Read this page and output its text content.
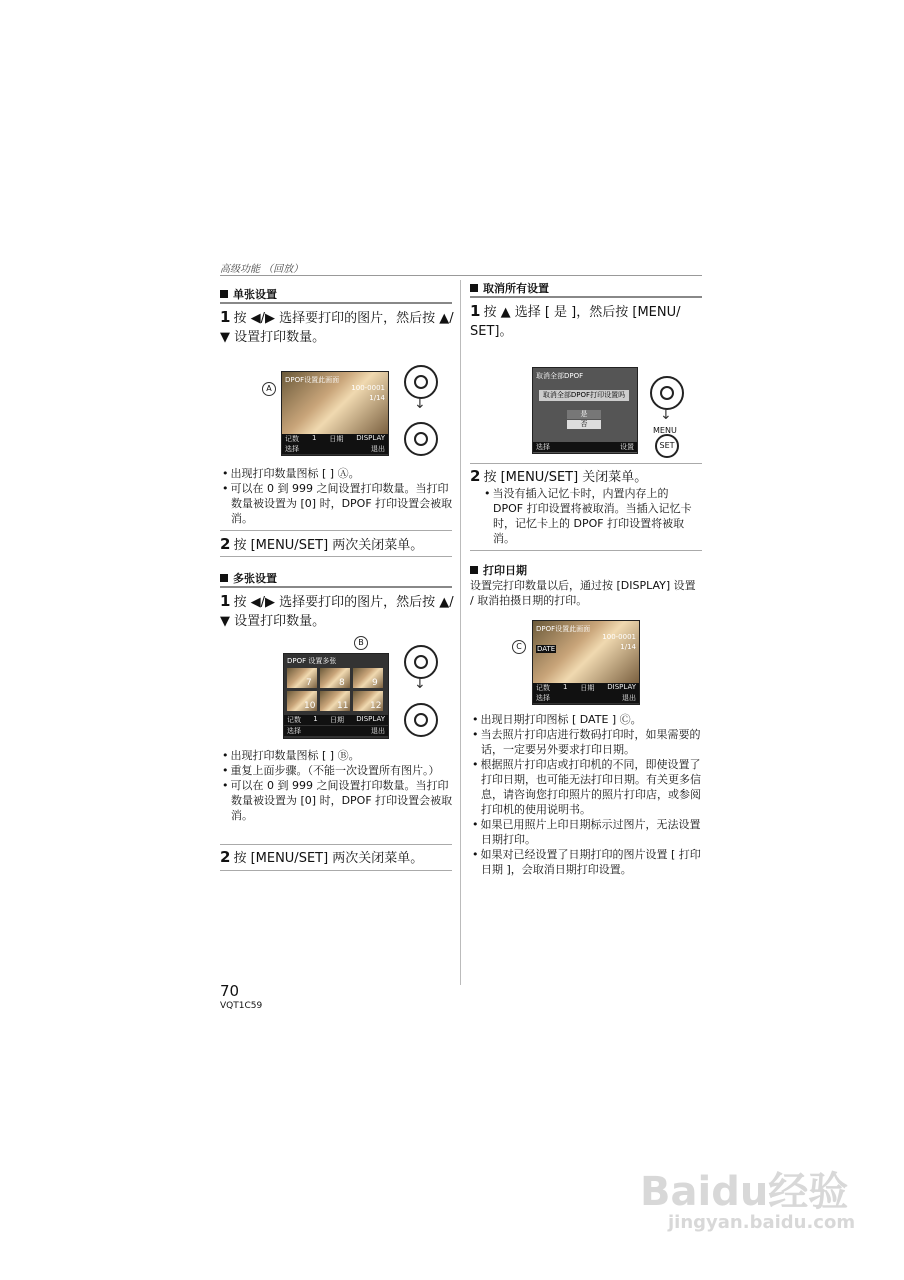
高级功能 （回放）
单张设置
1 按 ◀/▶ 选择要打印的图片，然后按 ▲/▼ 设置打印数量。
A
DPOF设置此画面
100-0001
1/14
记数 1 日期 DISPLAY
选择	退出
↓
• 出现打印数量图标 [ ] Ⓐ。
• 可以在 0 到 999 之间设置打印数量。当打印数量被设置为 [0] 时，DPOF 打印设置会被取消。
2 按 [MENU/SET] 两次关闭菜单。
多张设置
1 按 ◀/▶ 选择要打印的图片，然后按 ▲/▼ 设置打印数量。
B
DPOF 设置多张
7	8	9
10 11 12
记数 1 日期 DISPLAY
选择	退出
↓
• 出现打印数量图标 [ ] Ⓑ。
• 重复上面步骤。（不能一次设置所有图片。）
• 可以在 0 到 999 之间设置打印数量。当打印数量被设置为 [0] 时，DPOF 打印设置会被取消。
2 按 [MENU/SET] 两次关闭菜单。
70
VQT1C59
取消所有设置
1 按 ▲ 选择 [ 是 ]，然后按 [MENU/ SET]。
取消全部DPOF
取消全部DPOF打印设置吗
是
否
选择	设置
↓
MENU
SET
2 按 [MENU/SET] 关闭菜单。
• 当没有插入记忆卡时，内置内存上的 DPOF 打印设置将被取消。当插入记忆卡时，记忆卡上的 DPOF 打印设置将被取消。
打印日期
设置完打印数量以后，通过按 [DISPLAY] 设置 / 取消拍摄日期的打印。
C
DPOF设置此画面
100-0001
1/14
DATE
记数 1 日期 DISPLAY
选择	退出
• 出现日期打印图标 [ DATE ] Ⓒ。
• 当去照片打印店进行数码打印时，如果需要的话，一定要另外要求打印日期。
• 根据照片打印店或打印机的不同，即使设置了打印日期，也可能无法打印日期。有关更多信息，请咨询您打印照片的照片打印店，或参阅打印机的使用说明书。
• 如果已用照片上印日期标示过图片，无法设置日期打印。
• 如果对已经设置了日期打印的图片设置 [ 打印日期 ]，会取消日期打印设置。
Baidu经验
jingyan.baidu.com
